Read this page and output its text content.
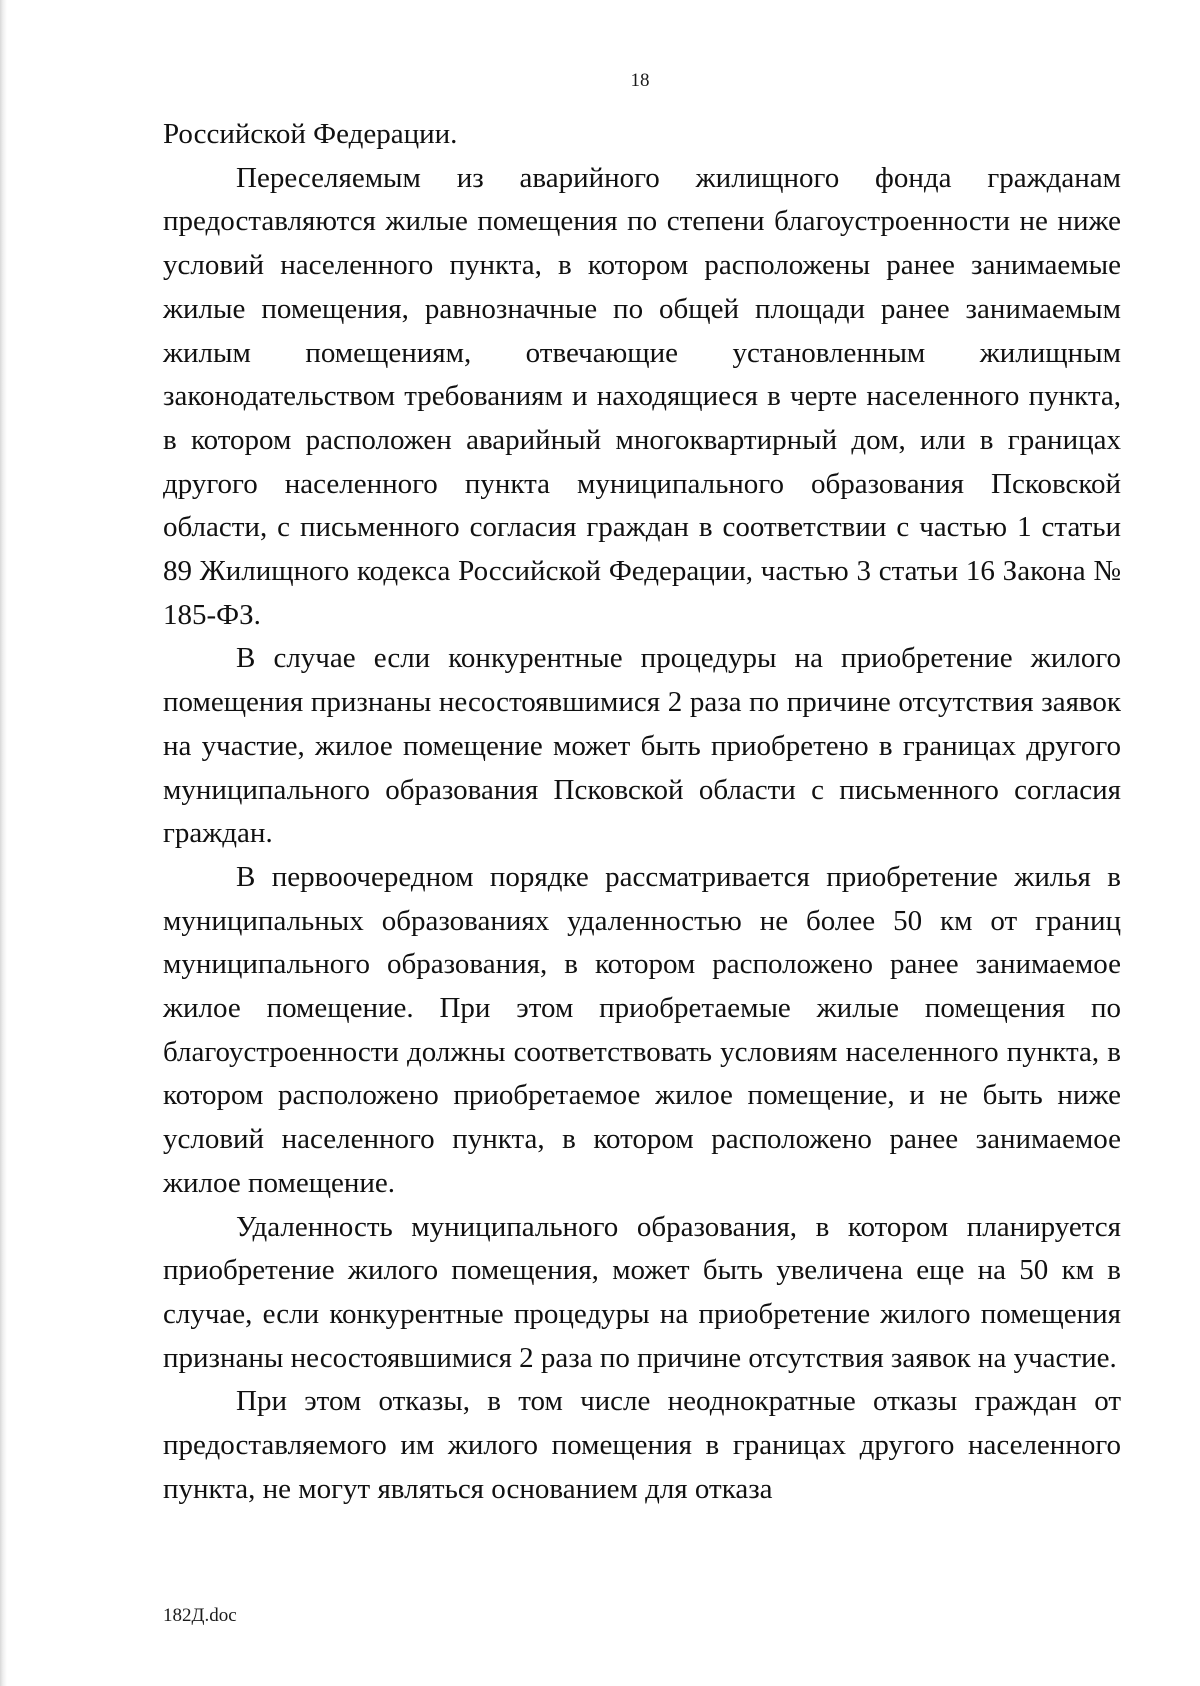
18

Российской Федерации.

Переселяемым из аварийного жилищного фонда гражданам предоставляются жилые помещения по степени благоустроенности не ниже условий населенного пункта, в котором расположены ранее занимаемые жилые помещения, равнозначные по общей площади ранее занимаемым жилым помещениям, отвечающие установленным жилищным законодательством требованиям и находящиеся в черте населенного пункта, в котором расположен аварийный многоквартирный дом, или в границах другого населенного пункта муниципального образования Псковской области, с письменного согласия граждан в соответствии с частью 1 статьи 89 Жилищного кодекса Российской Федерации, частью 3 статьи 16 Закона № 185-ФЗ.

В случае если конкурентные процедуры на приобретение жилого помещения признаны несостоявшимися 2 раза по причине отсутствия заявок на участие, жилое помещение может быть приобретено в границах другого муниципального образования Псковской области с письменного согласия граждан.

В первоочередном порядке рассматривается приобретение жилья в муниципальных образованиях удаленностью не более 50 км от границ муниципального образования, в котором расположено ранее занимаемое жилое помещение. При этом приобретаемые жилые помещения по благоустроенности должны соответствовать условиям населенного пункта, в котором расположено приобретаемое жилое помещение, и не быть ниже условий населенного пункта, в котором расположено ранее занимаемое жилое помещение.

Удаленность муниципального образования, в котором планируется приобретение жилого помещения, может быть увеличена еще на 50 км в случае, если конкурентные процедуры на приобретение жилого помещения признаны несостоявшимися 2 раза по причине отсутствия заявок на участие.

При этом отказы, в том числе неоднократные отказы граждан от предоставляемого им жилого помещения в границах другого населенного пункта, не могут являться основанием для отказа

182Д.doc
